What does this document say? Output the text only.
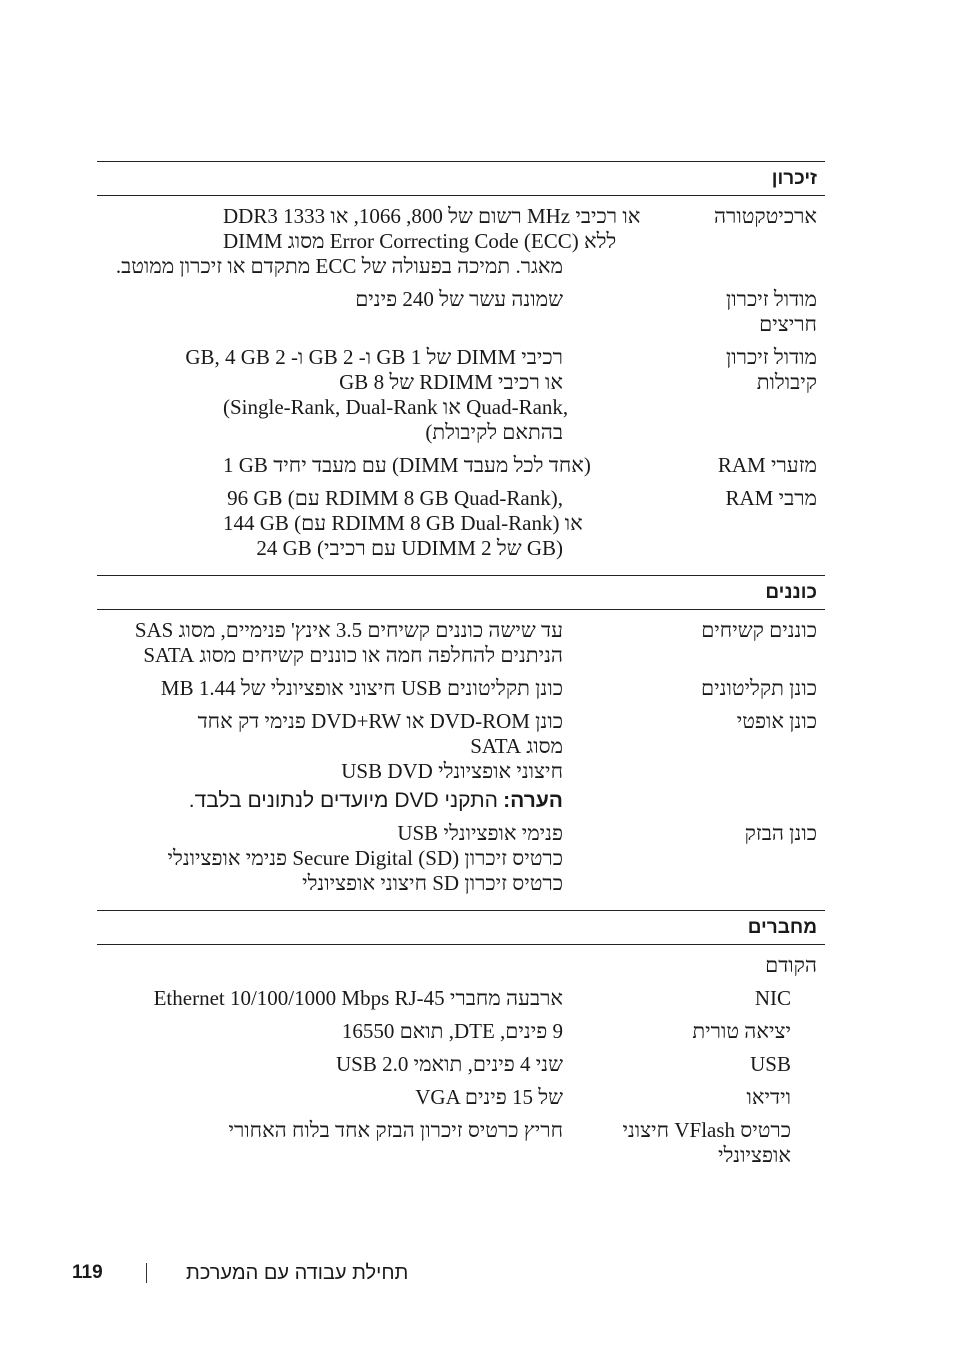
זיכרון
ארכיטקטורה
DDR3 רשום של 800, 1066, או 1333 MHz או רכיבי
DIMM מסוג Error Correcting Code (ECC) ללא
מאגר. תמיכה בפעולה של ECC מתקדם או זיכרון ממוטב.
מודול זיכרון
חריצים
שמונה עשר של 240 פינים
מודול זיכרון
קיבולות
רכיבי DIMM של 1 GB ו- 2 GB ו- 2 GB, 4 GB
או רכיבי RDIMM של 8 GB
(Single-Rank, Dual-Rank או Quad-Rank,
בהתאם לקיבולת)
RAM מזערי
1 GB עם מעבד יחיד (DIMM אחד לכל מעבד)
RAM מרבי
96 GB (עם RDIMM 8 GB Quad-Rank),
144 GB (עם RDIMM 8 GB Dual-Rank) או
24 GB (עם רכיבי UDIMM של 2 GB)
כוננים
כוננים קשיחים
עד שישה כוננים קשיחים 3.5 אינץ' פנימיים, מסוג SAS
הניתנים להחלפה חמה או כוננים קשיחים מסוג SATA
כונן תקליטונים
כונן תקליטונים USB חיצוני אופציונלי של 1.44 MB
כונן אופטי
כונן DVD-ROM או DVD+RW פנימי דק אחד
מסוג SATA
USB DVD חיצוני אופציונלי
הערה: התקני DVD מיועדים לנתונים בלבד.
כונן הבזק
USB פנימי אופציונלי
כרטיס זיכרון Secure Digital (SD) פנימי אופציונלי
כרטיס זיכרון SD חיצוני אופציונלי
מחברים
הקודם
NIC
ארבעה מחברי Ethernet 10/100/1000 Mbps RJ-45
יציאה טורית
9 פינים, DTE, תואם 16550
USB
שני 4 פינים, תואמי USB 2.0
וידיאו
VGA של 15 פינים
כרטיס VFlash חיצוני
אופציונלי
חריץ כרטיס זיכרון הבזק אחד בלוח האחורי
119	תחילת עבודה עם המערכת
